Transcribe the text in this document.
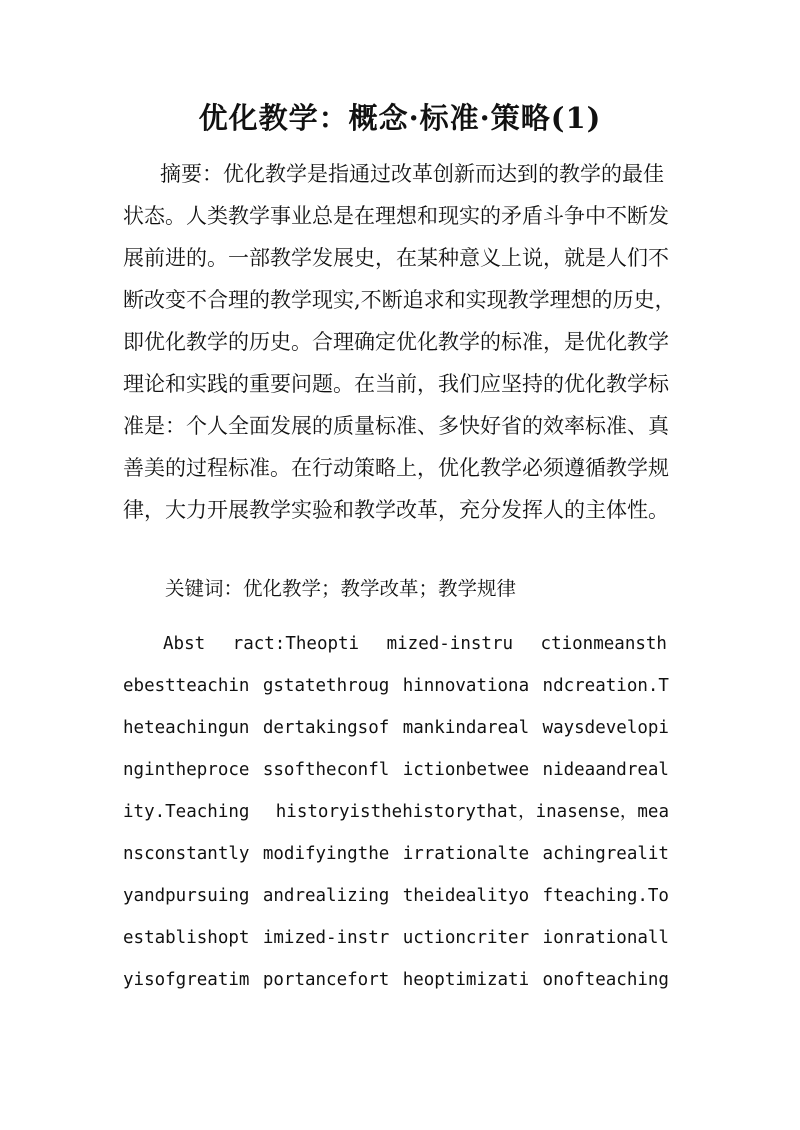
优化教学：概念·标准·策略(1)
摘要：优化教学是指通过改革创新而达到的教学的最佳
状态。人类教学事业总是在理想和现实的矛盾斗争中不断发
展前进的。一部教学发展史，在某种意义上说，就是人们不
断改变不合理的教学现实,不断追求和实现教学理想的历史，
即优化教学的历史。合理确定优化教学的标准，是优化教学
理论和实践的重要问题。在当前，我们应坚持的优化教学标
准是：个人全面发展的质量标准、多快好省的效率标准、真
善美的过程标准。在行动策略上，优化教学必须遵循教学规
律，大力开展教学实验和教学改革，充分发挥人的主体性。
关键词：优化教学；教学改革；教学规律
Abst ract:Theopti mized-instru ctionmeansth
ebestteachin gstatethroug hinnovationa ndcreation.T
heteachingun dertakingsof mankindareal waysdevelopi
ngintheproce ssoftheconfl ictionbetwee nideaandreal
ity.Teaching historyisthehistorythat，inasense，mea
nsconstantly modifyingthe irrationalte achingrealit
yandpursuing andrealizing theidealityo fteaching.To
establishopt imized-instr uctioncriter ionrationall
yisofgreatim portancefort heoptimizati onofteaching
